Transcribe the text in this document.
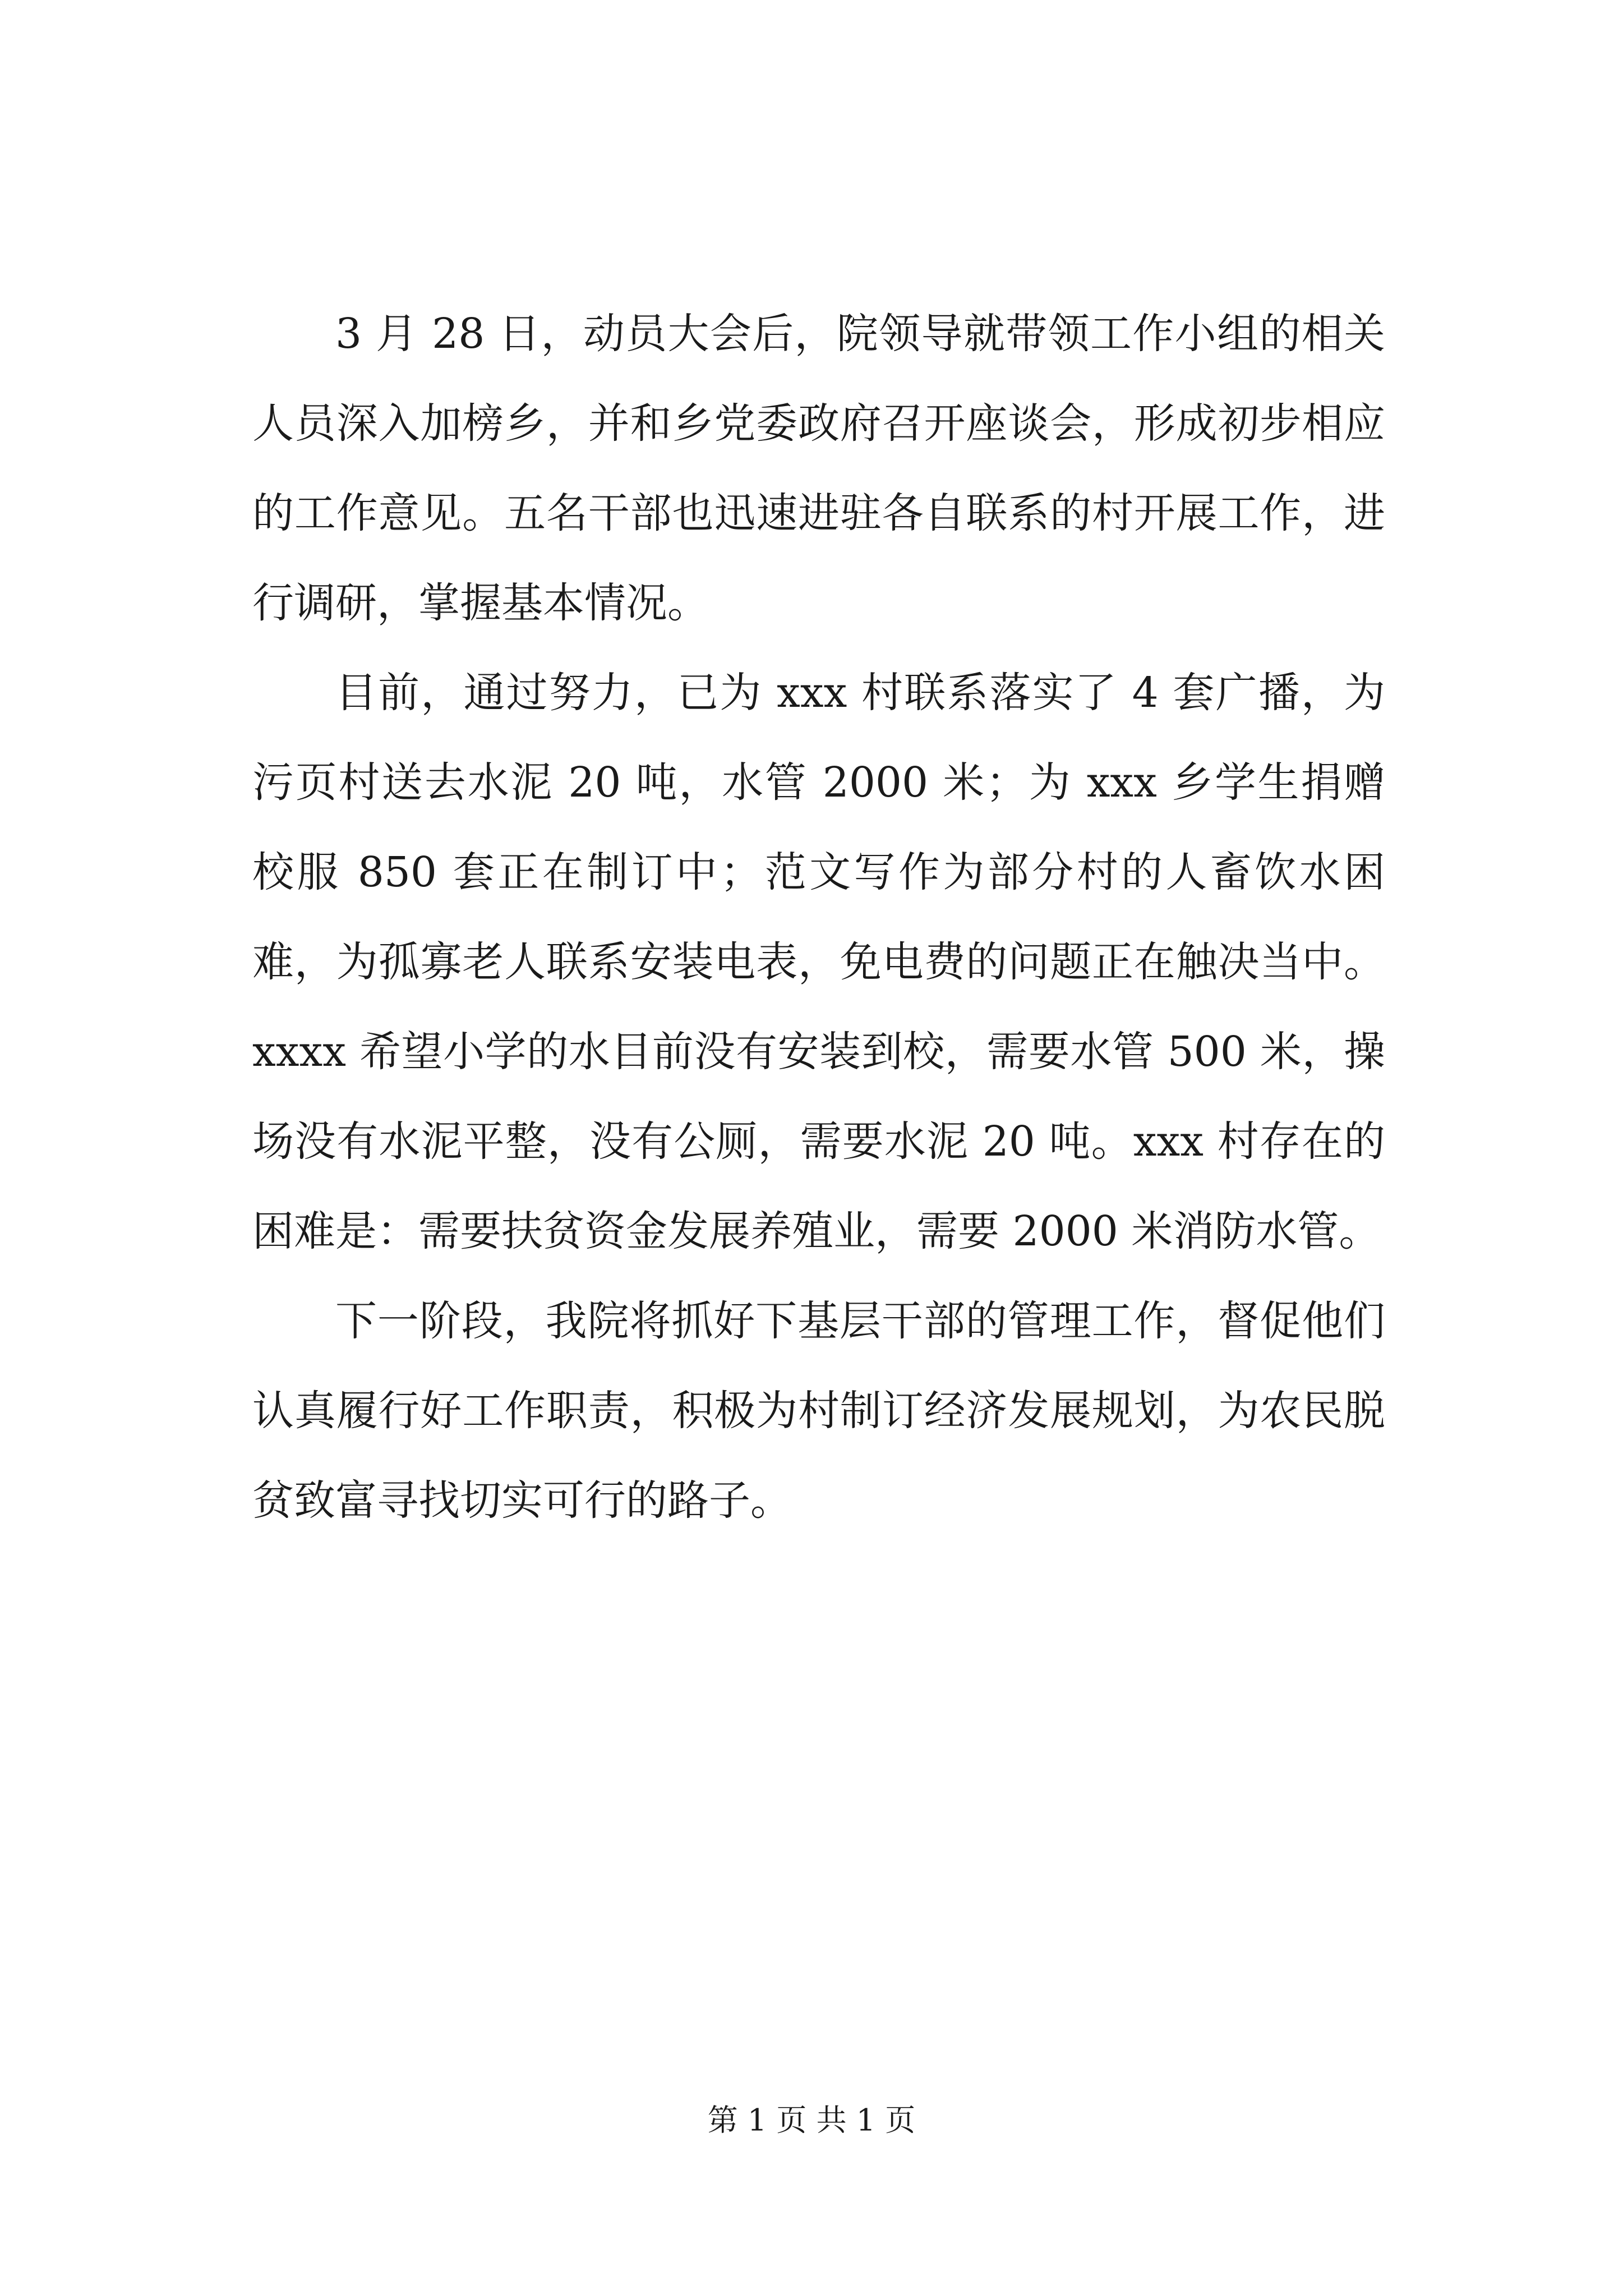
3 月 28 日，动员大会后，院领导就带领工作小组的相关人员深入加榜乡，并和乡党委政府召开座谈会，形成初步相应的工作意见。五名干部也迅速进驻各自联系的村开展工作，进行调研，掌握基本情况。

目前，通过努力，已为 xxx 村联系落实了 4 套广播，为污页村送去水泥 20 吨，水管 2000 米；为 xxx 乡学生捐赠校服 850 套正在制订中；范文写作为部分村的人畜饮水困难，为孤寡老人联系安装电表，免电费的问题正在触决当中。xxxx 希望小学的水目前没有安装到校，需要水管 500 米，操场没有水泥平整，没有公厕，需要水泥 20 吨。xxx 村存在的困难是：需要扶贫资金发展养殖业，需要 2000 米消防水管。

下一阶段，我院将抓好下基层干部的管理工作，督促他们认真履行好工作职责，积极为村制订经济发展规划，为农民脱贫致富寻找切实可行的路子。

第 1 页 共 1 页
